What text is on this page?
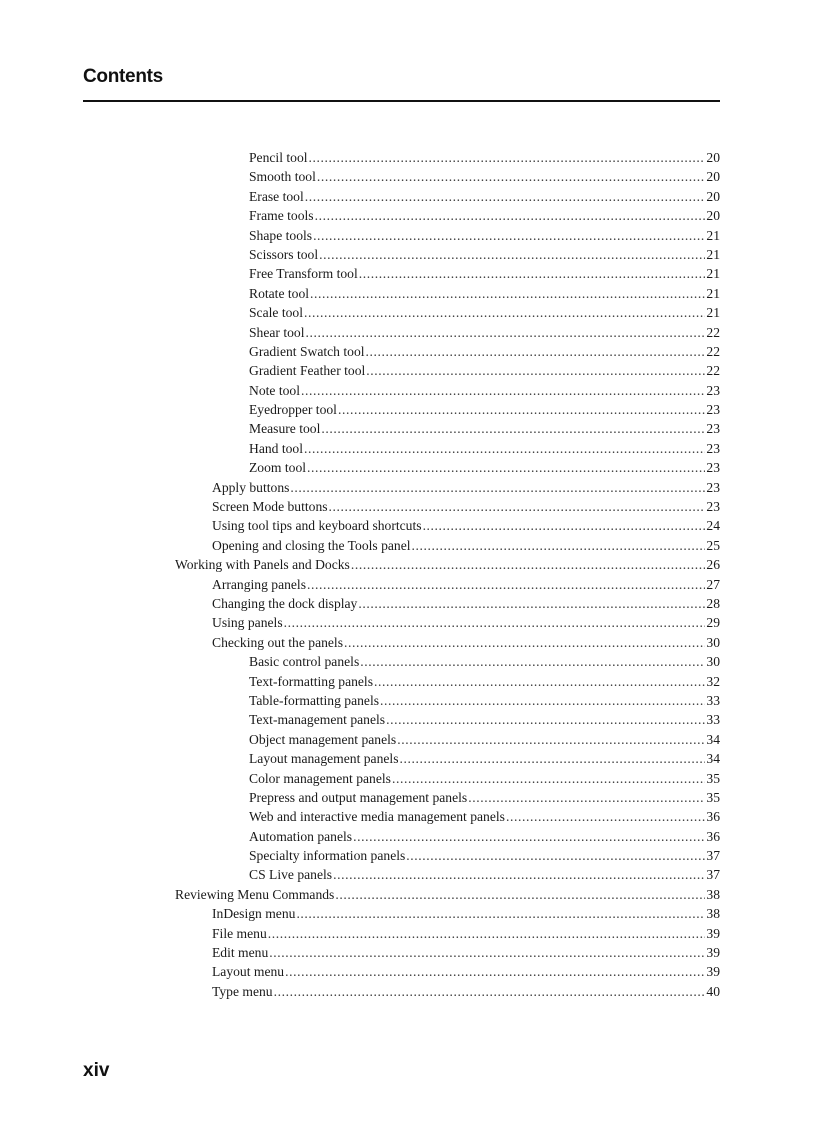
Contents
Pencil tool .....	20
Smooth tool .....	20
Erase tool .....	20
Frame tools .....	20
Shape tools .....	21
Scissors tool .....	21
Free Transform tool .....	21
Rotate tool .....	21
Scale tool .....	21
Shear tool .....	22
Gradient Swatch tool .....	22
Gradient Feather tool .....	22
Note tool .....	23
Eyedropper tool .....	23
Measure tool .....	23
Hand tool .....	23
Zoom tool .....	23
Apply buttons .....	23
Screen Mode buttons .....	23
Using tool tips and keyboard shortcuts .....	24
Opening and closing the Tools panel .....	25
Working with Panels and Docks .....	26
Arranging panels .....	27
Changing the dock display .....	28
Using panels .....	29
Checking out the panels .....	30
Basic control panels .....	30
Text-formatting panels .....	32
Table-formatting panels .....	33
Text-management panels .....	33
Object management panels .....	34
Layout management panels .....	34
Color management panels .....	35
Prepress and output management panels .....	35
Web and interactive media management panels .....	36
Automation panels .....	36
Specialty information panels .....	37
CS Live panels .....	37
Reviewing Menu Commands .....	38
InDesign menu .....	38
File menu .....	39
Edit menu .....	39
Layout menu .....	39
Type menu .....	40
xiv
